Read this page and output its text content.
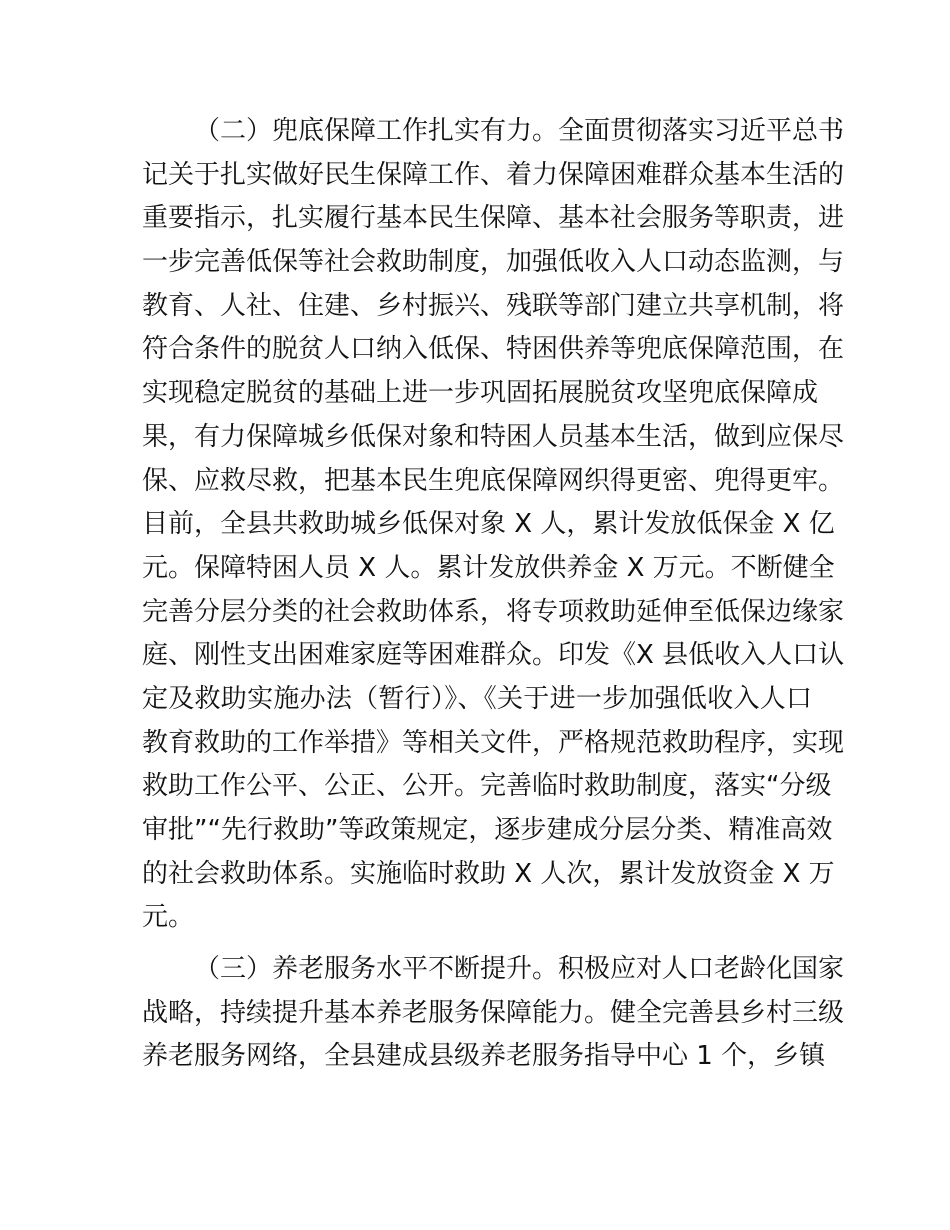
（二）兜底保障工作扎实有力。全面贯彻落实习近平总书
记关于扎实做好民生保障工作、着力保障困难群众基本生活的
重要指示，扎实履行基本民生保障、基本社会服务等职责，进
一步完善低保等社会救助制度，加强低收入人口动态监测，与
教育、人社、住建、乡村振兴、残联等部门建立共享机制，将
符合条件的脱贫人口纳入低保、特困供养等兜底保障范围，在
实现稳定脱贫的基础上进一步巩固拓展脱贫攻坚兜底保障成
果，有力保障城乡低保对象和特困人员基本生活，做到应保尽
保、应救尽救，把基本民生兜底保障网织得更密、兜得更牢。
目前，全县共救助城乡低保对象 X 人，累计发放低保金 X 亿
元。保障特困人员 X 人。累计发放供养金 X 万元。不断健全
完善分层分类的社会救助体系，将专项救助延伸至低保边缘家
庭、刚性支出困难家庭等困难群众。印发《X 县低收入人口认
定及救助实施办法（暂行）》、《关于进一步加强低收入人口
教育救助的工作举措》等相关文件，严格规范救助程序，实现
救助工作公平、公正、公开。完善临时救助制度，落实“分级
审批”“先行救助”等政策规定，逐步建成分层分类、精准高效
的社会救助体系。实施临时救助 X 人次，累计发放资金 X 万
元。
（三）养老服务水平不断提升。积极应对人口老龄化国家
战略，持续提升基本养老服务保障能力。健全完善县乡村三级
养老服务网络，全县建成县级养老服务指导中心 1 个，乡镇
